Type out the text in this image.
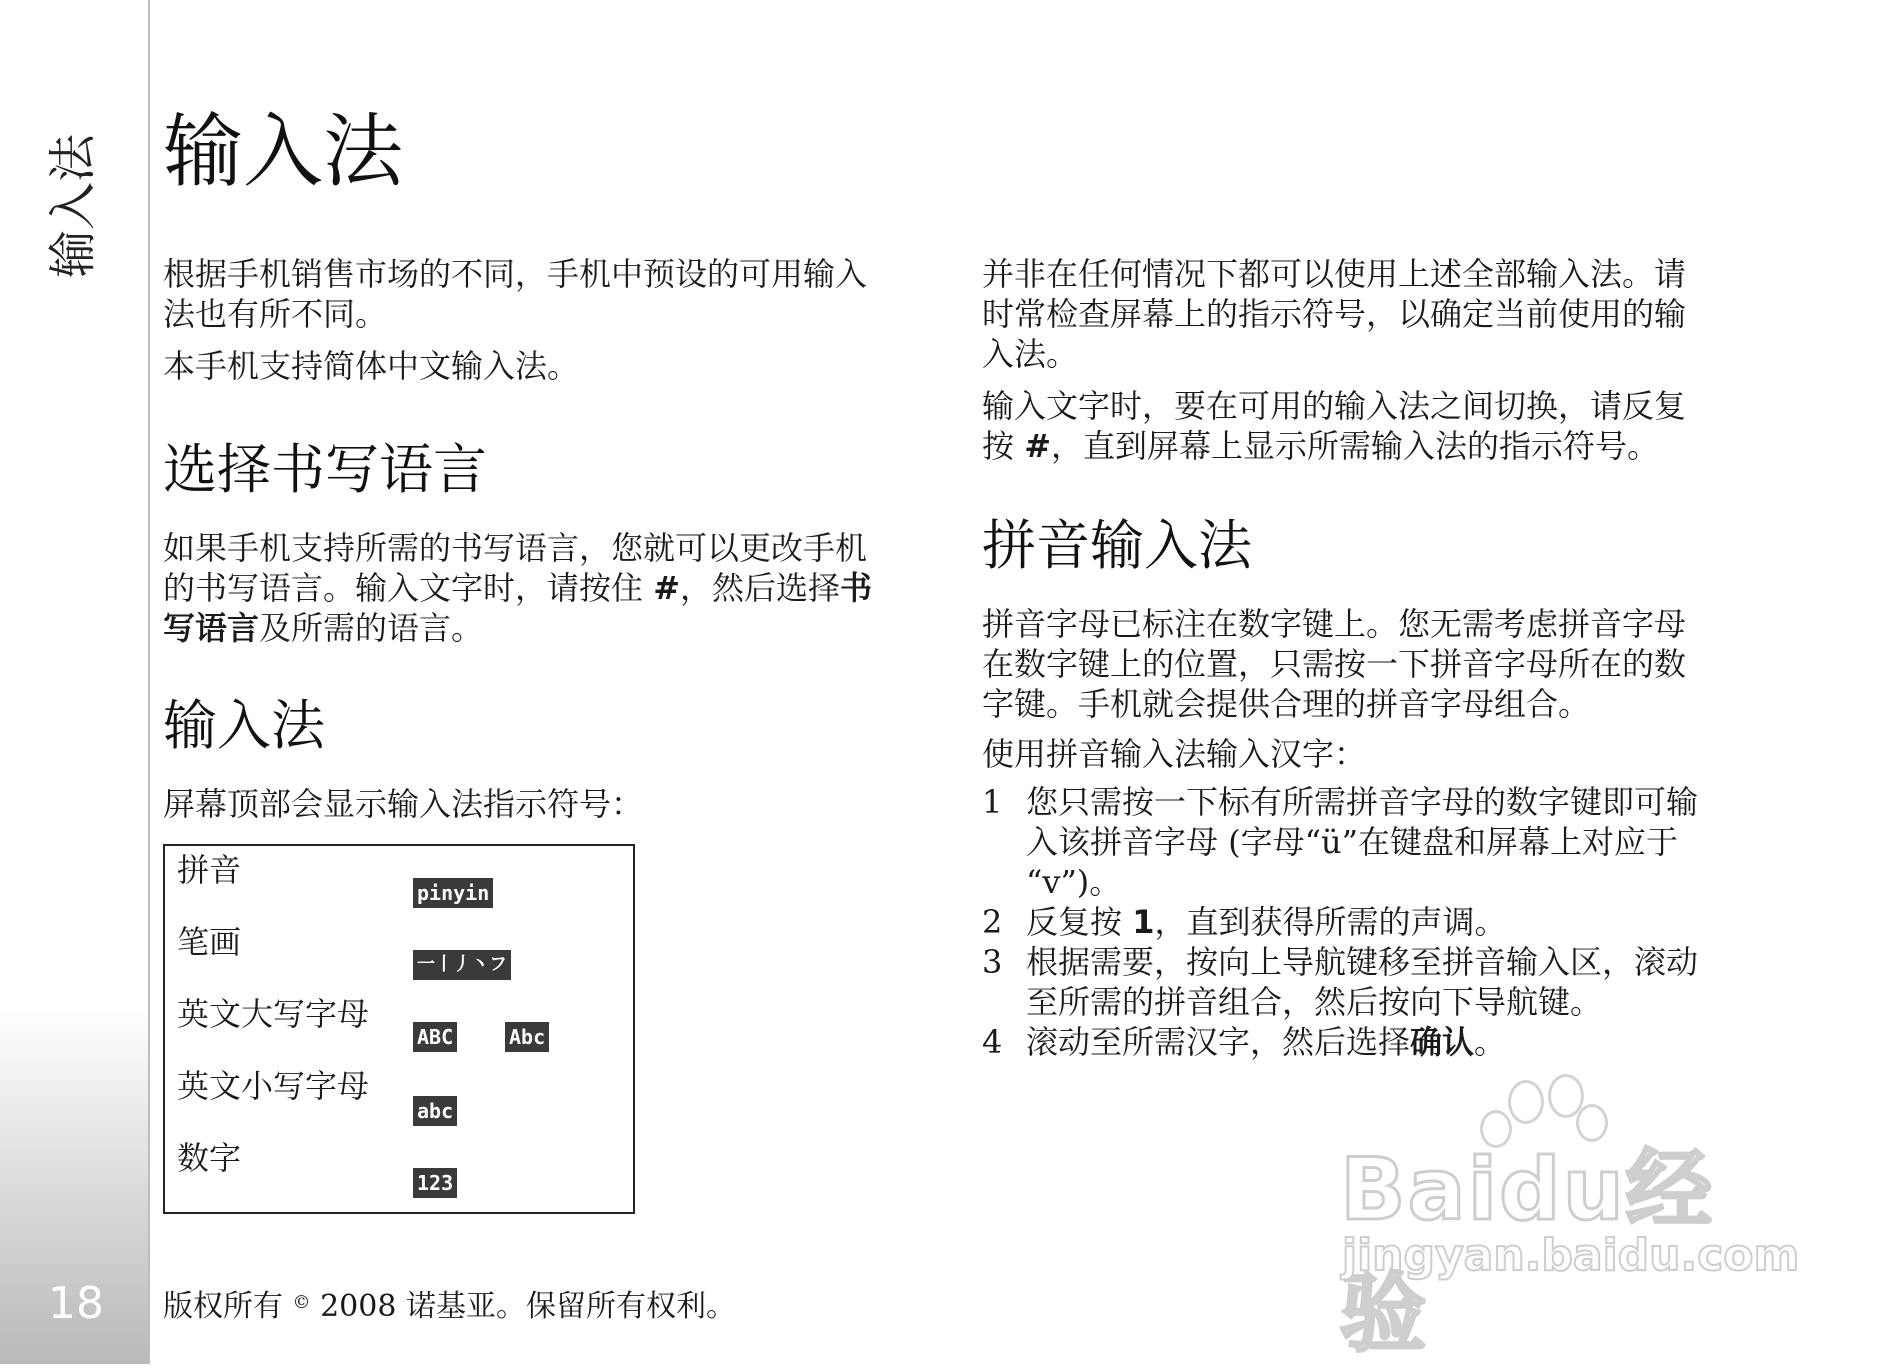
输入法
18
输入法

根据手机销售市场的不同，手机中预设的可用输入
法也有所不同。

本手机支持简体中文输入法。

选择书写语言

如果手机支持所需的书写语言，您就可以更改手机
的书写语言。输入文字时，请按住 #，然后选择书
写语言及所需的语言。

输入法

屏幕顶部会显示输入法指示符号：

拼音
pinyin
笔画
一丨丿丶フ
英文大写字母
ABC	Abc
英文小写字母
abc
数字
123

并非在任何情况下都可以使用上述全部输入法。请
时常检查屏幕上的指示符号，以确定当前使用的输
入法。

输入文字时，要在可用的输入法之间切换，请反复
按 #，直到屏幕上显示所需输入法的指示符号。

拼音输入法

拼音字母已标注在数字键上。您无需考虑拼音字母
在数字键上的位置，只需按一下拼音字母所在的数
字键。手机就会提供合理的拼音字母组合。

使用拼音输入法输入汉字：

1 您只需按一下标有所需拼音字母的数字键即可输
入该拼音字母 (字母“ü”在键盘和屏幕上对应于
“v”)。
2 反复按 1，直到获得所需的声调。
3 根据需要，按向上导航键移至拼音输入区，滚动
至所需的拼音组合，然后按向下导航键。
4 滚动至所需汉字，然后选择确认。
版权所有 © 2008 诺基亚。保留所有权利。
Baidu经验
jingyan.baidu.com
